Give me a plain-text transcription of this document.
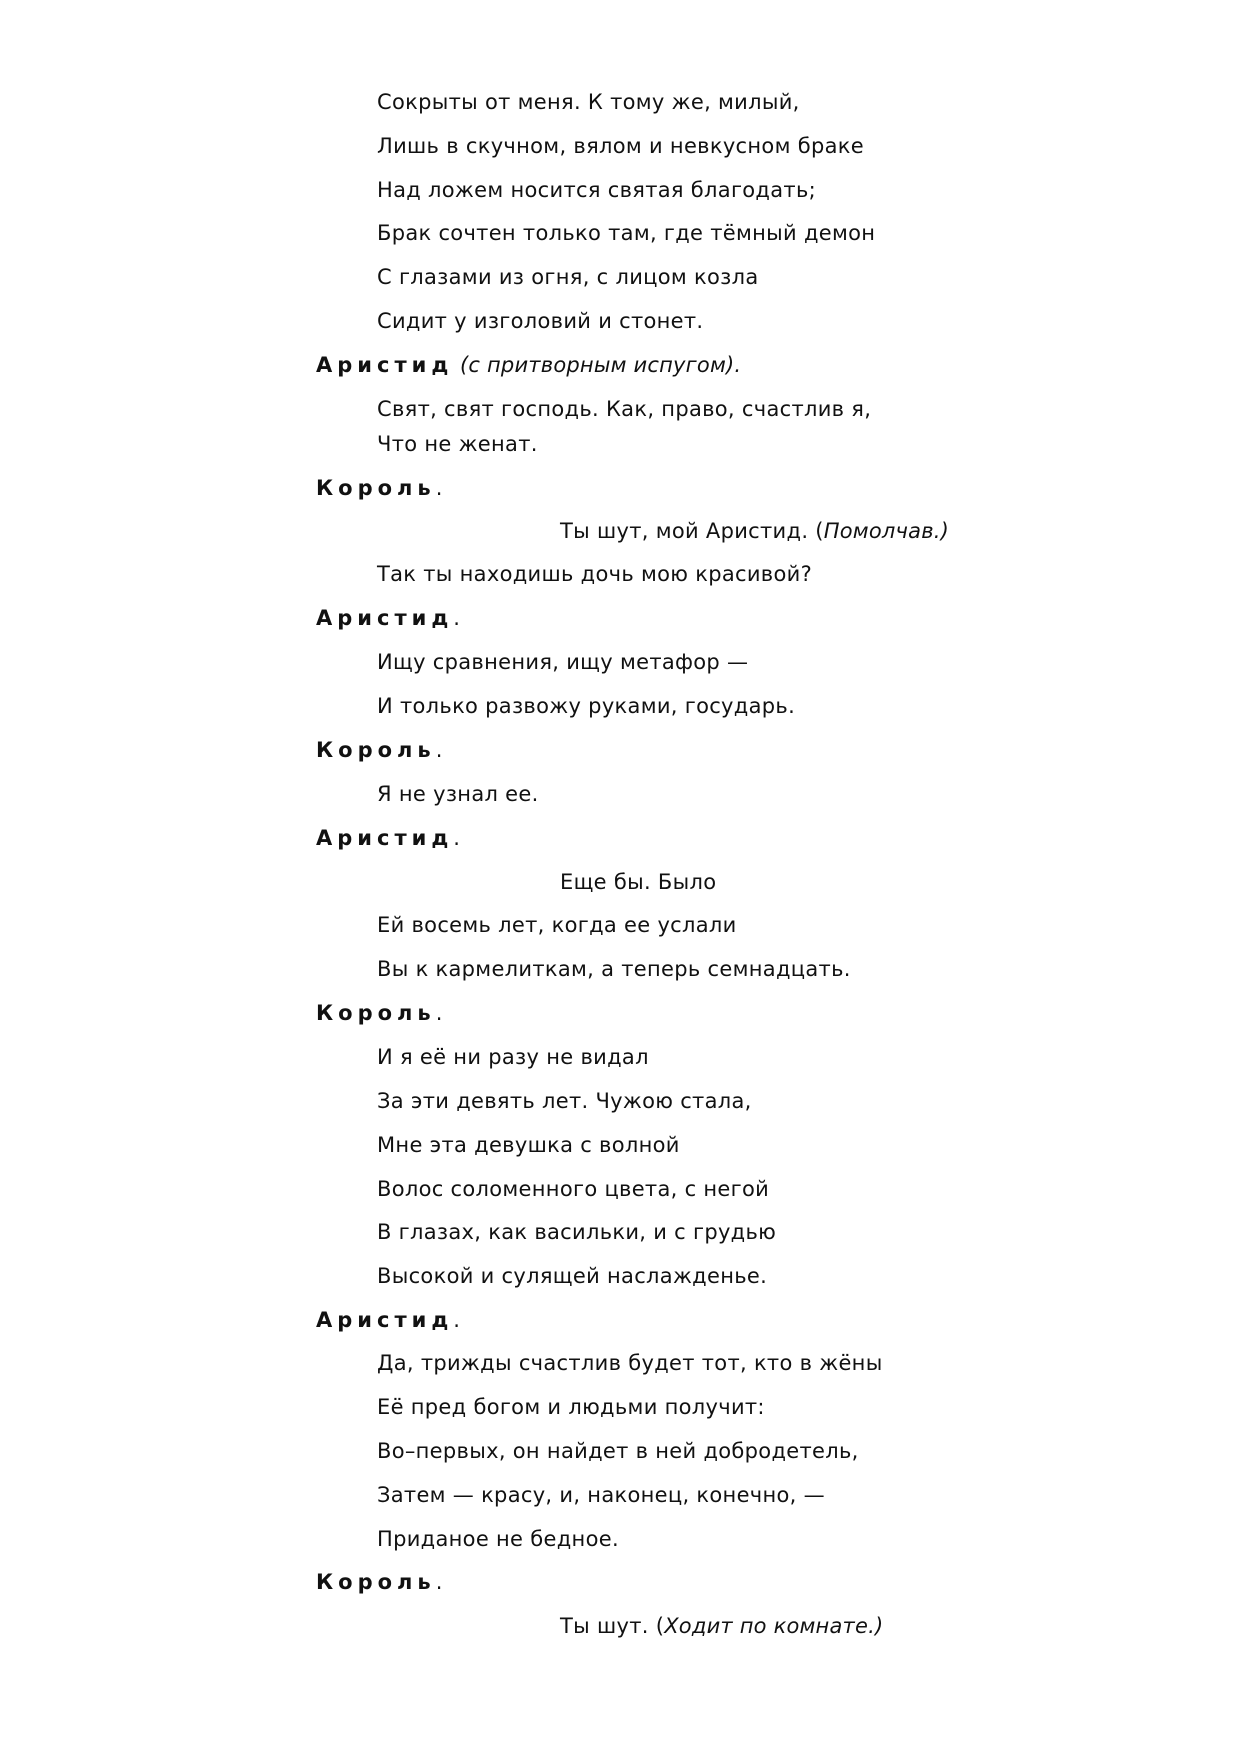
Сокрыты от меня. К тому же, милый,
Лишь в скучном, вялом и невкусном браке
Над ложем носится святая благодать;
Брак сочтен только там, где тёмный демон
С глазами из огня, с лицом козла
Сидит у изголовий и стонет.
Аристид (с притворным испугом).
Свят, свят господь. Как, право, счастлив я,
Что не женат.
Король.
Ты шут, мой Аристид. (Помолчав.)
Так ты находишь дочь мою красивой?
Аристид.
Ищу сравнения, ищу метафор —
И только развожу руками, государь.
Король.
Я не узнал ее.
Аристид.
Еще бы. Было
Ей восемь лет, когда ее услали
Вы к кармелиткам, а теперь семнадцать.
Король.
И я её ни разу не видал
За эти девять лет. Чужою стала,
Мне эта девушка с волной
Волос соломенного цвета, с негой
В глазах, как васильки, и с грудью
Высокой и сулящей наслажденье.
Аристид.
Да, трижды счастлив будет тот, кто в жёны
Её пред богом и людьми получит:
Во–первых, он найдет в ней добродетель,
Затем — красу, и, наконец, конечно, —
Приданое не бедное.
Король.
Ты шут. (Ходит по комнате.)
